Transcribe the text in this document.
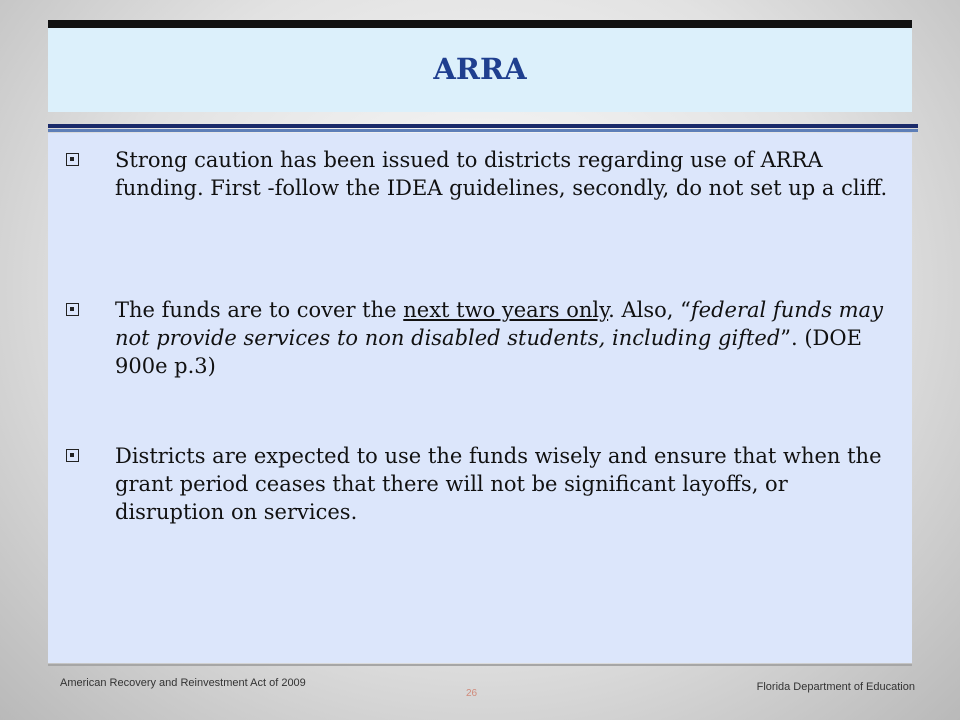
ARRA
Strong caution has been issued to districts regarding use of ARRA funding. First -follow the IDEA guidelines, secondly, do not set up a cliff.
The funds are to cover the next two years only. Also, “federal funds may not provide services to non disabled students, including gifted”. (DOE 900e p.3)
Districts are expected to use the funds wisely and ensure that when the grant period ceases that there will not be significant layoffs, or disruption on services.
American Recovery and Reinvestment Act of 2009
26
Florida Department of Education
